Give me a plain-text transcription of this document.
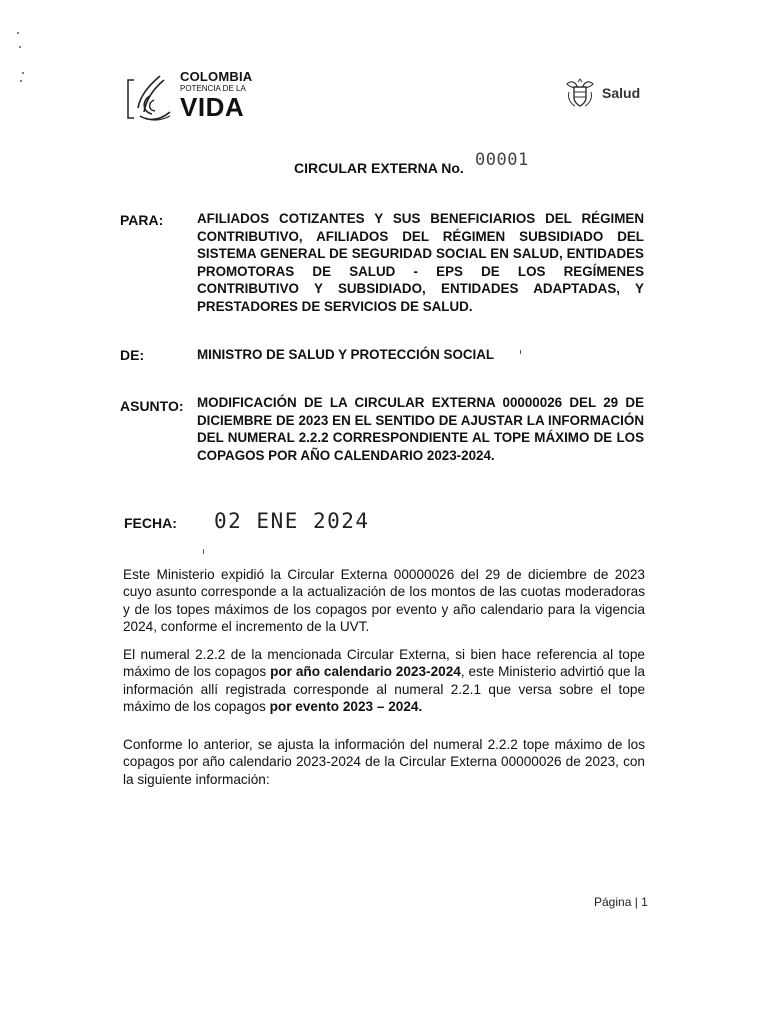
COLOMBIA
POTENCIA DE LA
VIDA	Salud
CIRCULAR EXTERNA No. 00001
PARA:	AFILIADOS COTIZANTES Y SUS BENEFICIARIOS DEL RÉGIMEN CONTRIBUTIVO, AFILIADOS DEL RÉGIMEN SUBSIDIADO DEL SISTEMA GENERAL DE SEGURIDAD SOCIAL EN SALUD, ENTIDADES PROMOTORAS DE SALUD - EPS DE LOS REGÍMENES CONTRIBUTIVO Y SUBSIDIADO, ENTIDADES ADAPTADAS, Y PRESTADORES DE SERVICIOS DE SALUD.
DE:	MINISTRO DE SALUD Y PROTECCIÓN SOCIAL
ASUNTO: MODIFICACIÓN DE LA CIRCULAR EXTERNA 00000026 DEL 29 DE DICIEMBRE DE 2023 EN EL SENTIDO DE AJUSTAR LA INFORMACIÓN DEL NUMERAL 2.2.2 CORRESPONDIENTE AL TOPE MÁXIMO DE LOS COPAGOS POR AÑO CALENDARIO 2023-2024.
FECHA: 02 ENE 2024
Este Ministerio expidió la Circular Externa 00000026 del 29 de diciembre de 2023 cuyo asunto corresponde a la actualización de los montos de las cuotas moderadoras y de los topes máximos de los copagos por evento y año calendario para la vigencia 2024, conforme el incremento de la UVT.
El numeral 2.2.2 de la mencionada Circular Externa, si bien hace referencia al tope máximo de los copagos por año calendario 2023-2024, este Ministerio advirtió que la información allí registrada corresponde al numeral 2.2.1 que versa sobre el tope máximo de los copagos por evento 2023 – 2024.
Conforme lo anterior, se ajusta la información del numeral 2.2.2 tope máximo de los copagos por año calendario 2023-2024 de la Circular Externa 00000026 de 2023, con la siguiente información:
Página | 1
